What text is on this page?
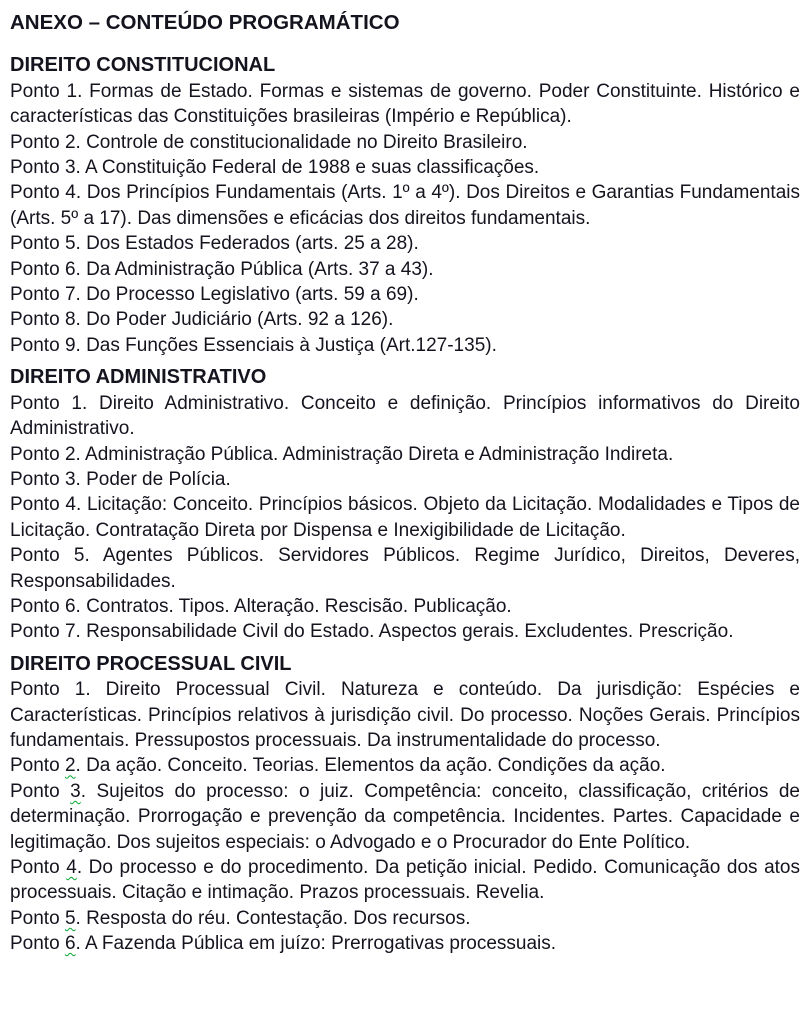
ANEXO – CONTEÚDO PROGRAMÁTICO
DIREITO CONSTITUCIONAL

Ponto 1. Formas de Estado. Formas e sistemas de governo. Poder Constituinte. Histórico e características das Constituições brasileiras (Império e República).

Ponto 2. Controle de constitucionalidade no Direito Brasileiro.

Ponto 3. A Constituição Federal de 1988 e suas classificações.

Ponto 4. Dos Princípios Fundamentais (Arts. 1º a 4º). Dos Direitos e Garantias Fundamentais (Arts. 5º a 17). Das dimensões e eficácias dos direitos fundamentais.

Ponto 5. Dos Estados Federados (arts. 25 a 28).

Ponto 6. Da Administração Pública (Arts. 37 a 43).

Ponto 7. Do Processo Legislativo (arts. 59 a 69).

Ponto 8. Do Poder Judiciário (Arts. 92 a 126).

Ponto 9. Das Funções Essenciais à Justiça (Art.127-135).

DIREITO ADMINISTRATIVO

Ponto 1. Direito Administrativo. Conceito e definição. Princípios informativos do Direito Administrativo.

Ponto 2. Administração Pública. Administração Direta e Administração Indireta.

Ponto 3. Poder de Polícia.

Ponto 4. Licitação: Conceito. Princípios básicos. Objeto da Licitação. Modalidades e Tipos de Licitação. Contratação Direta por Dispensa e Inexigibilidade de Licitação.

Ponto 5. Agentes Públicos. Servidores Públicos. Regime Jurídico, Direitos, Deveres, Responsabilidades.

Ponto 6. Contratos. Tipos. Alteração. Rescisão. Publicação.

Ponto 7. Responsabilidade Civil do Estado. Aspectos gerais. Excludentes. Prescrição.

DIREITO PROCESSUAL CIVIL

Ponto 1. Direito Processual Civil. Natureza e conteúdo. Da jurisdição: Espécies e Características. Princípios relativos à jurisdição civil. Do processo. Noções Gerais. Princípios fundamentais. Pressupostos processuais. Da instrumentalidade do processo.

Ponto 2. Da ação. Conceito. Teorias. Elementos da ação. Condições da ação.

Ponto 3. Sujeitos do processo: o juiz. Competência: conceito, classificação, critérios de determinação. Prorrogação e prevenção da competência. Incidentes. Partes. Capacidade e legitimação. Dos sujeitos especiais: o Advogado e o Procurador do Ente Político.

Ponto 4. Do processo e do procedimento. Da petição inicial. Pedido. Comunicação dos atos processuais. Citação e intimação. Prazos processuais. Revelia.

Ponto 5. Resposta do réu. Contestação. Dos recursos.

Ponto 6. A Fazenda Pública em juízo: Prerrogativas processuais.
